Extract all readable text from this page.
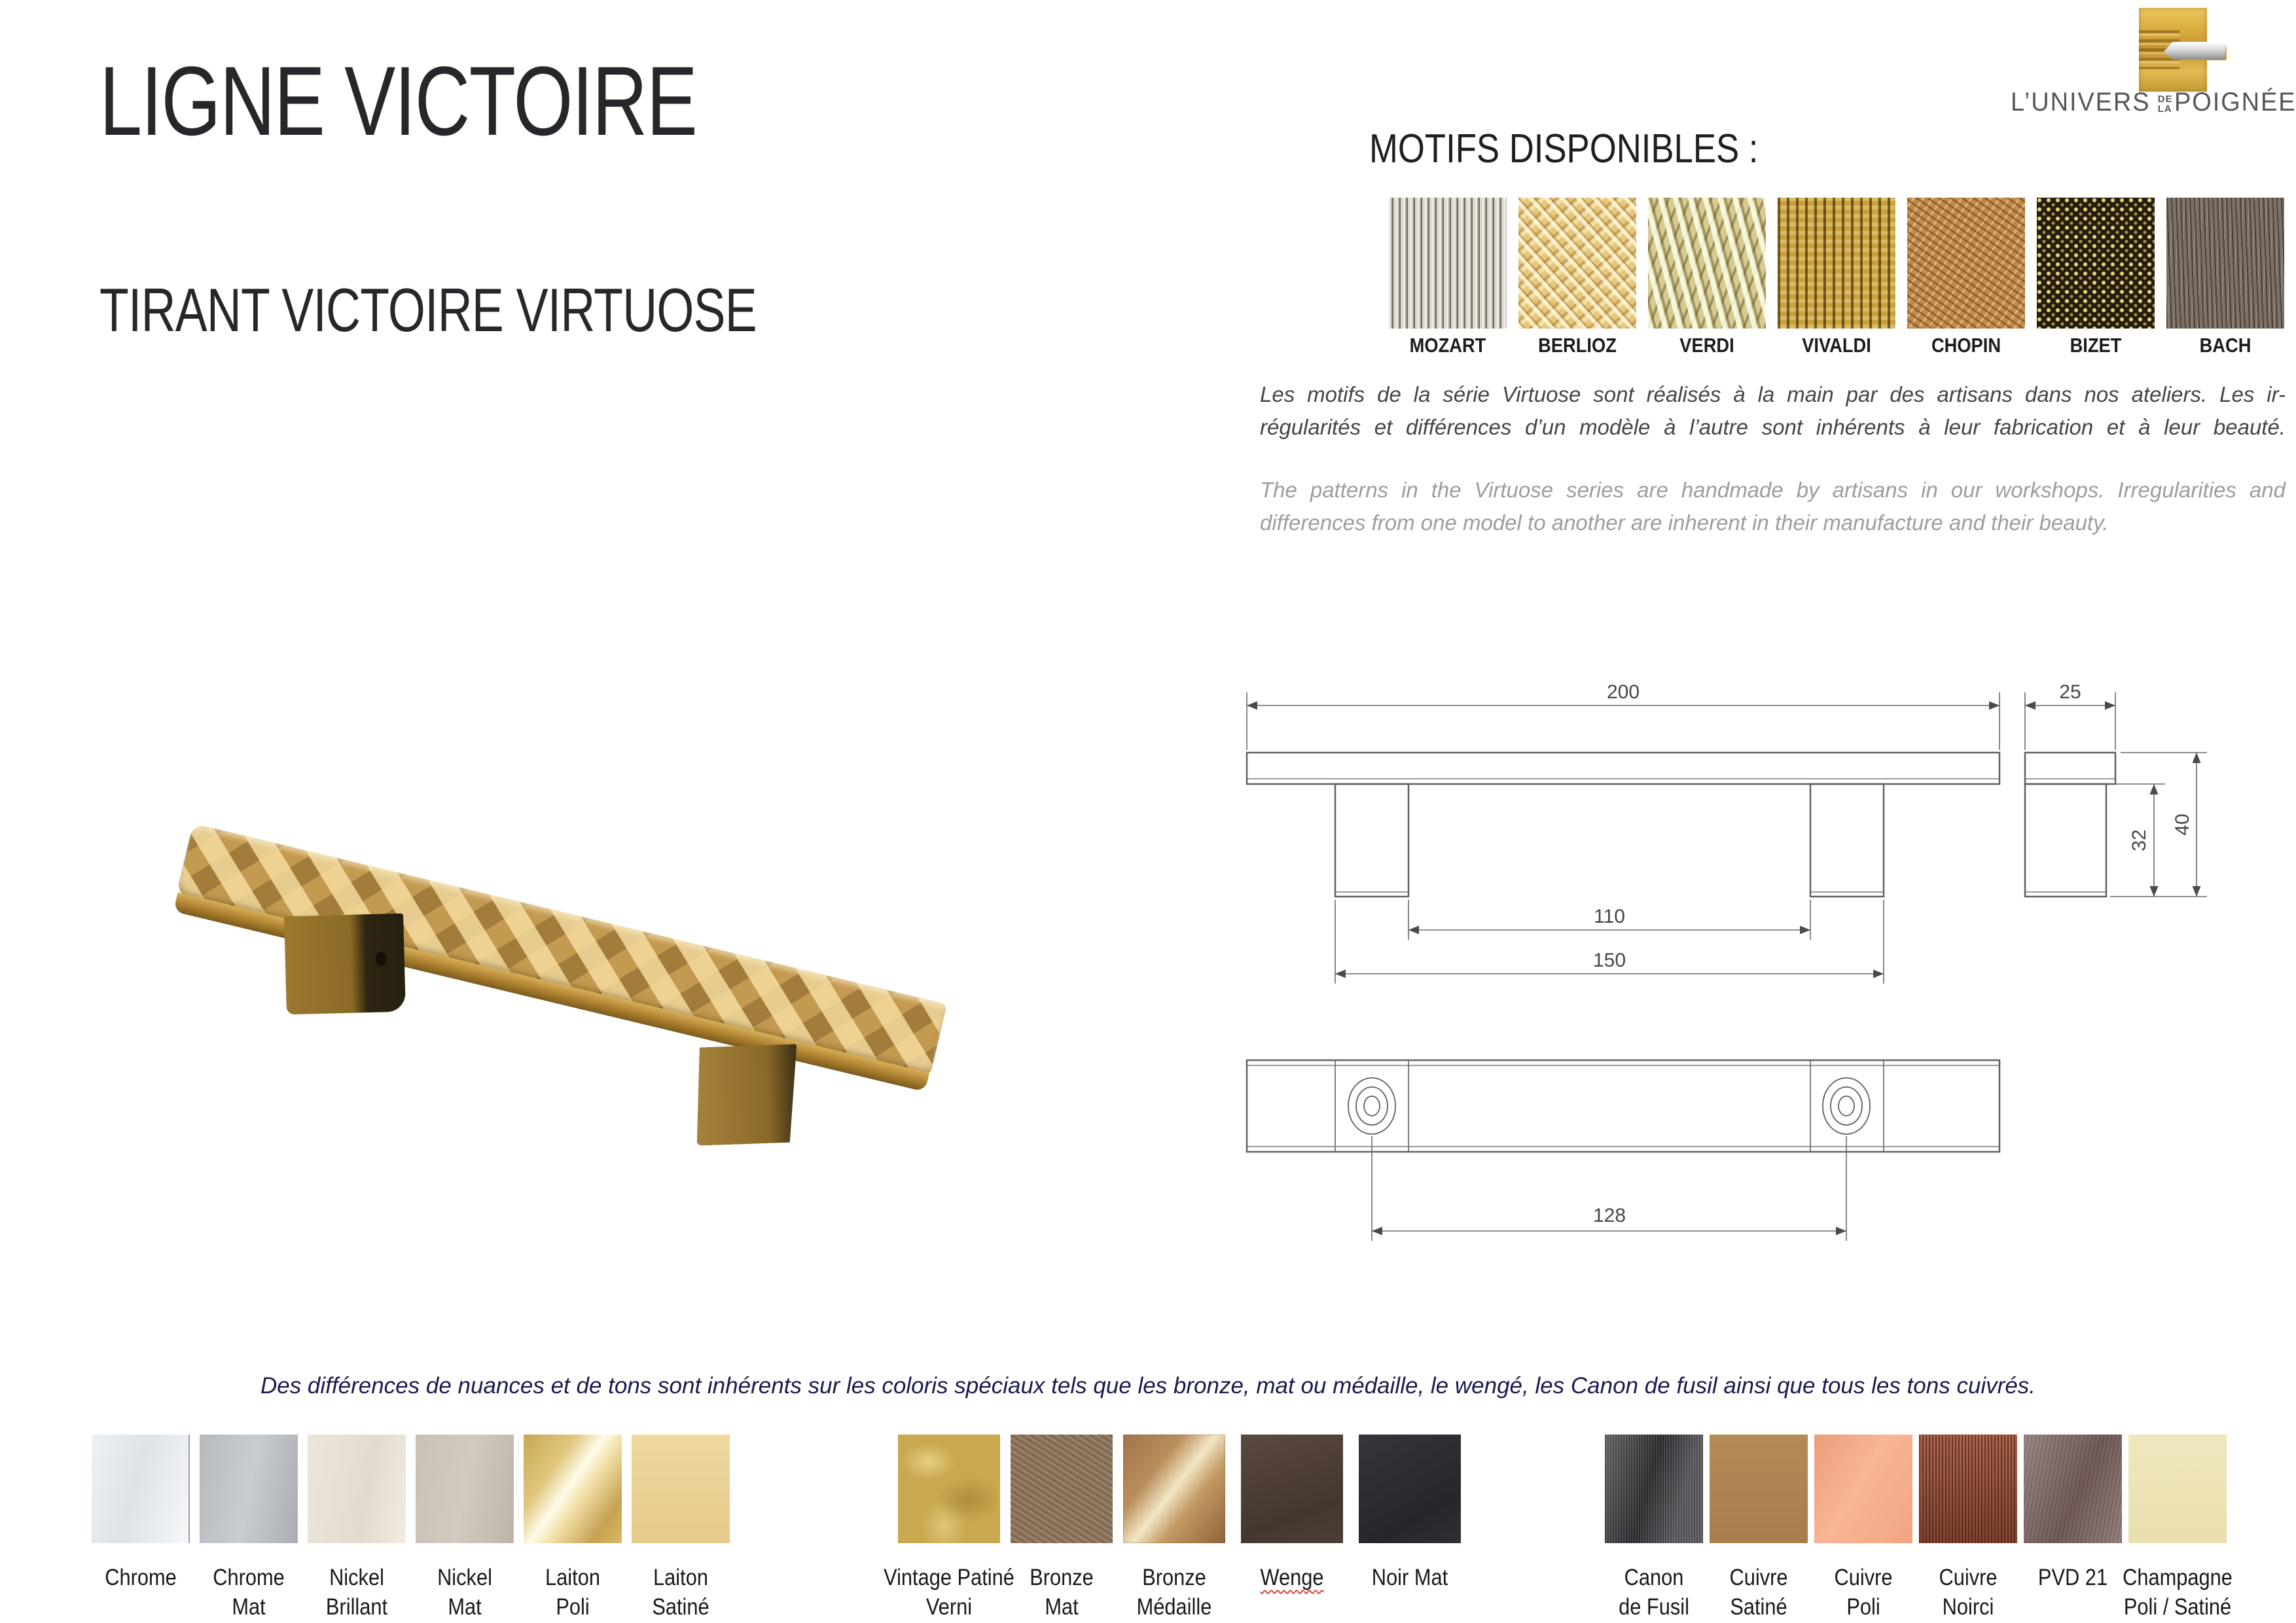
LIGNE VICTOIRE
TIRANT VICTOIRE VIRTUOSE
L’UNIVERS DE
LA POIGNÉE
MOTIFS DISPONIBLES :
MOZART	BERLIOZ	VERDI	VIVALDI	CHOPIN	BIZET	BACH
Les motifs de la série Virtuose sont réalisés à la main par des artisans dans nos ateliers. Les ir-
régularités et différences d’un modèle à l’autre sont inhérents à leur fabrication et à leur beauté.
The patterns in the Virtuose series are handmade by artisans in our workshops. Irregularities and
differences from one model to another are inherent in their manufacture and their beauty.
200	25
110
150
32
40
128
Des différences de nuances et de tons sont inhérents sur les coloris spéciaux tels que les bronze, mat ou médaille, le wengé, les Canon de fusil ainsi que tous les tons cuivrés.
Chrome	Chrome
Mat
Nickel
Brillant
Nickel
Mat
Laiton
Poli
Laiton
Satiné
Vintage Patiné
Verni
Bronze
Mat
Bronze
Médaille
Wenge	Noir Mat	Canon
de Fusil
Cuivre
Satiné
Cuivre
Poli
Cuivre
Noirci
PVD 21 Champagne
Poli / Satiné
